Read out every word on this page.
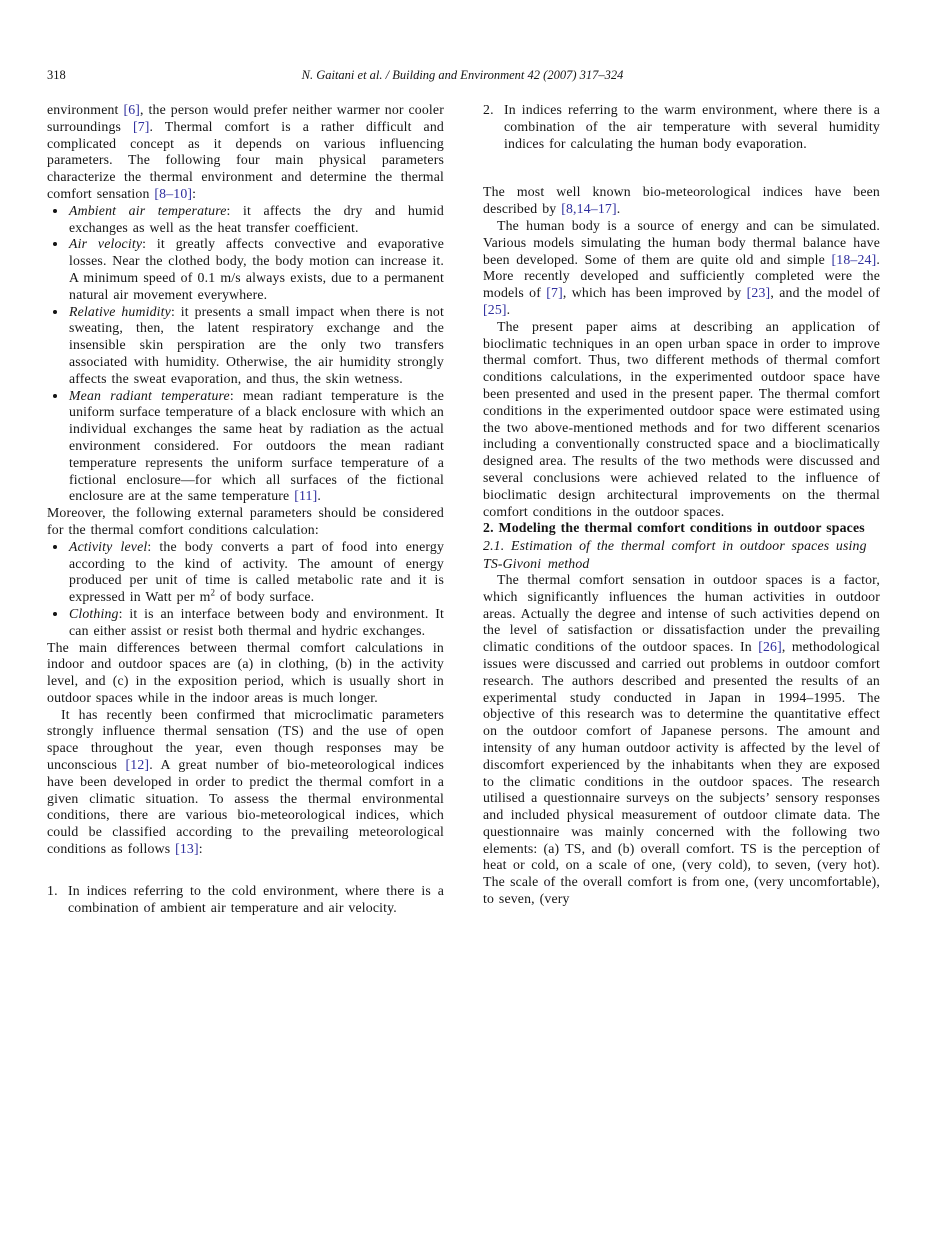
318	N. Gaitani et al. / Building and Environment 42 (2007) 317–324

environment [6], the person would prefer neither warmer nor cooler surroundings [7]. Thermal comfort is a rather difficult and complicated concept as it depends on various influencing parameters. The following four main physical parameters characterize the thermal environment and determine the thermal comfort sensation [8–10]:

• Ambient air temperature: it affects the dry and humid exchanges as well as the heat transfer coefficient.
• Air velocity: it greatly affects convective and evaporative losses. Near the clothed body, the body motion can increase it. A minimum speed of 0.1 m/s always exists, due to a permanent natural air movement everywhere.
• Relative humidity: it presents a small impact when there is not sweating, then, the latent respiratory exchange and the insensible skin perspiration are the only two transfers associated with humidity. Otherwise, the air humidity strongly affects the sweat evaporation, and thus, the skin wetness.
• Mean radiant temperature: mean radiant temperature is the uniform surface temperature of a black enclosure with which an individual exchanges the same heat by radiation as the actual environment considered. For outdoors the mean radiant temperature represents the uniform surface temperature of a fictional enclosure—for which all surfaces of the fictional enclosure are at the same temperature [11].

Moreover, the following external parameters should be considered for the thermal comfort conditions calculation:

• Activity level: the body converts a part of food into energy according to the kind of activity. The amount of energy produced per unit of time is called metabolic rate and it is expressed in Watt per $m^2$ of body surface.
• Clothing: it is an interface between body and environment. It can either assist or resist both thermal and hydric exchanges.

The main differences between thermal comfort calculations in indoor and outdoor spaces are (a) in clothing, (b) in the activity level, and (c) in the exposition period, which is usually short in outdoor spaces while in the indoor areas is much longer.

It has recently been confirmed that microclimatic parameters strongly influence thermal sensation (TS) and the use of open space throughout the year, even though responses may be unconscious [12]. A great number of bio-meteorological indices have been developed in order to predict the thermal comfort in a given climatic situation. To assess the thermal environmental conditions, there are various bio-meteorological indices, which could be classified according to the prevailing meteorological conditions as follows [13]:

1. In indices referring to the cold environment, where there is a combination of ambient air temperature and air velocity.
2. In indices referring to the warm environment, where there is a combination of the air temperature with several humidity indices for calculating the human body evaporation.

The most well known bio-meteorological indices have been described by [8,14–17].

The human body is a source of energy and can be simulated. Various models simulating the human body thermal balance have been developed. Some of them are quite old and simple [18–24]. More recently developed and sufficiently completed were the models of [7], which has been improved by [23], and the model of [25].

The present paper aims at describing an application of bioclimatic techniques in an open urban space in order to improve thermal comfort. Thus, two different methods of thermal comfort conditions calculations, in the experimented outdoor space have been presented and used in the present paper. The thermal comfort conditions in the experimented outdoor space were estimated using the two above-mentioned methods and for two different scenarios including a conventionally constructed space and a bioclimatically designed area. The results of the two methods were discussed and several conclusions were achieved related to the influence of bioclimatic design architectural improvements on the thermal comfort conditions in the outdoor spaces.

2. Modeling the thermal comfort conditions in outdoor spaces
2.1. Estimation of the thermal comfort in outdoor spaces using TS-Givoni method

The thermal comfort sensation in outdoor spaces is a factor, which significantly influences the human activities in outdoor areas. Actually the degree and intense of such activities depend on the level of satisfaction or dissatisfaction under the prevailing climatic conditions of the outdoor spaces. In [26], methodological issues were discussed and carried out problems in outdoor comfort research. The authors described and presented the results of an experimental study conducted in Japan in 1994–1995. The objective of this research was to determine the quantitative effect on the outdoor comfort of Japanese persons. The amount and intensity of any human outdoor activity is affected by the level of discomfort experienced by the inhabitants when they are exposed to the climatic conditions in the outdoor spaces. The research utilised a questionnaire surveys on the subjects’ sensory responses and included physical measurement of outdoor climate data. The questionnaire was mainly concerned with the following two elements: (a) TS, and (b) overall comfort. TS is the perception of heat or cold, on a scale of one, (very cold), to seven, (very hot). The scale of the overall comfort is from one, (very uncomfortable), to seven, (very
